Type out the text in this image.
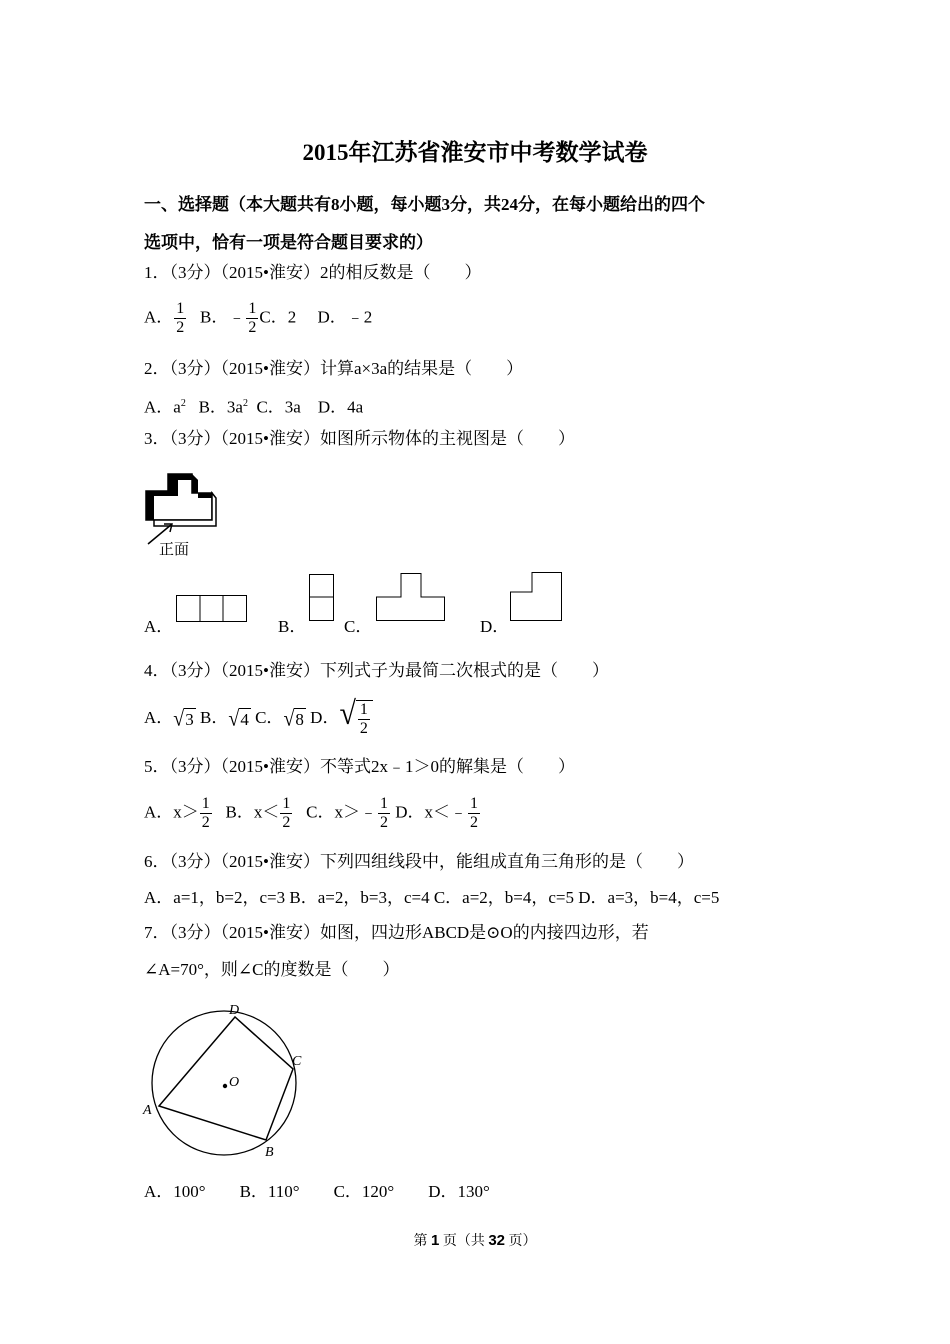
2015年江苏省淮安市中考数学试卷
一、选择题（本大题共有8小题，每小题3分，共24分，在每小题给出的四个
选项中，恰有一项是符合题目要求的）
1．（3分）（2015•淮安）2的相反数是（　　）
A． $\frac{1}{2}$ B．﹣ $\frac{1}{2}$ C．2　 D．﹣2
2．（3分）（2015•淮安）计算a×3a的结果是（　　）
A．$a^2$ B．$3a^2$ C．3a　D．4a
3．（3分）（2015•淮安）如图所示物体的主视图是（　　）
正面
A．	B． C．	D．
4．（3分）（2015•淮安）下列式子为最简二次根式的是（　　）
A．√3 B．√4 C．√8 D．√ $\frac{1}{2}$
5．（3分）（2015•淮安）不等式2x﹣1＞0的解集是（　　）
A．$x> \frac{1}{2}$ B．$x< \frac{1}{2}$ C．x＞﹣ $\frac{1}{2}$ D．x＜﹣ $\frac{1}{2}$
6．（3分）（2015•淮安）下列四组线段中，能组成直角三角形的是（　　）
A．a=1，b=2，c=3 B．a=2，b=3，c=4 C．a=2，b=4，c=5 D．a=3，b=4，c=5
7．（3分）（2015•淮安）如图，四边形ABCD是⊙O的内接四边形，若
∠A=70°，则∠C的度数是（　　）
A
B
C
D
O
A．100°　　B．110°　　C．120°　　D．130°
第 1 页（共 32 页）
